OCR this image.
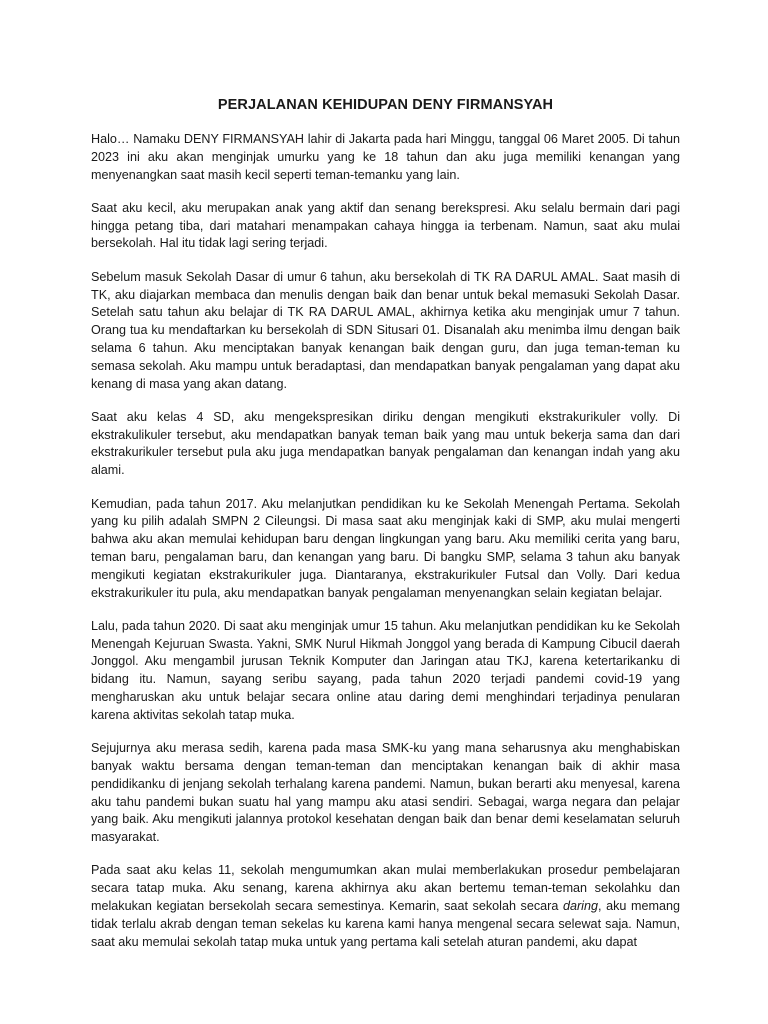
PERJALANAN KEHIDUPAN DENY FIRMANSYAH

Halo… Namaku DENY FIRMANSYAH lahir di Jakarta pada hari Minggu, tanggal 06 Maret 2005. Di tahun 2023 ini aku akan menginjak umurku yang ke 18 tahun dan aku juga memiliki kenangan yang menyenangkan saat masih kecil seperti teman-temanku yang lain.

Saat aku kecil, aku merupakan anak yang aktif dan senang berekspresi. Aku selalu bermain dari pagi hingga petang tiba, dari matahari menampakan cahaya hingga ia terbenam. Namun, saat aku mulai bersekolah. Hal itu tidak lagi sering terjadi.

Sebelum masuk Sekolah Dasar di umur 6 tahun, aku bersekolah di TK RA DARUL AMAL. Saat masih di TK, aku diajarkan membaca dan menulis dengan baik dan benar untuk bekal memasuki Sekolah Dasar. Setelah satu tahun aku belajar di TK RA DARUL AMAL, akhirnya ketika aku menginjak umur 7 tahun. Orang tua ku mendaftarkan ku bersekolah di SDN Situsari 01. Disanalah aku menimba ilmu dengan baik selama 6 tahun. Aku menciptakan banyak kenangan baik dengan guru, dan juga teman-teman ku semasa sekolah. Aku mampu untuk beradaptasi, dan mendapatkan banyak pengalaman yang dapat aku kenang di masa yang akan datang.

Saat aku kelas 4 SD, aku mengekspresikan diriku dengan mengikuti ekstrakurikuler volly. Di ekstrakulikuler tersebut, aku mendapatkan banyak teman baik yang mau untuk bekerja sama dan dari ekstrakurikuler tersebut pula aku juga mendapatkan banyak pengalaman dan kenangan indah yang aku alami.

Kemudian, pada tahun 2017. Aku melanjutkan pendidikan ku ke Sekolah Menengah Pertama. Sekolah yang ku pilih adalah SMPN 2 Cileungsi. Di masa saat aku menginjak kaki di SMP, aku mulai mengerti bahwa aku akan memulai kehidupan baru dengan lingkungan yang baru. Aku memiliki cerita yang baru, teman baru, pengalaman baru, dan kenangan yang baru. Di bangku SMP, selama 3 tahun aku banyak mengikuti kegiatan ekstrakurikuler juga. Diantaranya, ekstrakurikuler Futsal dan Volly. Dari kedua ekstrakurikuler itu pula, aku mendapatkan banyak pengalaman menyenangkan selain kegiatan belajar.

Lalu, pada tahun 2020. Di saat aku menginjak umur 15 tahun. Aku melanjutkan pendidikan ku ke Sekolah Menengah Kejuruan Swasta. Yakni, SMK Nurul Hikmah Jonggol yang berada di Kampung Cibucil daerah Jonggol. Aku mengambil jurusan Teknik Komputer dan Jaringan atau TKJ, karena ketertarikanku di bidang itu. Namun, sayang seribu sayang, pada tahun 2020 terjadi pandemi covid-19 yang mengharuskan aku untuk belajar secara online atau daring demi menghindari terjadinya penularan karena aktivitas sekolah tatap muka.

Sejujurnya aku merasa sedih, karena pada masa SMK-ku yang mana seharusnya aku menghabiskan banyak waktu bersama dengan teman-teman dan menciptakan kenangan baik di akhir masa pendidikanku di jenjang sekolah terhalang karena pandemi. Namun, bukan berarti aku menyesal, karena aku tahu pandemi bukan suatu hal yang mampu aku atasi sendiri. Sebagai, warga negara dan pelajar yang baik. Aku mengikuti jalannya protokol kesehatan dengan baik dan benar demi keselamatan seluruh masyarakat.

Pada saat aku kelas 11, sekolah mengumumkan akan mulai memberlakukan prosedur pembelajaran secara tatap muka. Aku senang, karena akhirnya aku akan bertemu teman-teman sekolahku dan melakukan kegiatan bersekolah secara semestinya. Kemarin, saat sekolah secara daring, aku memang tidak terlalu akrab dengan teman sekelas ku karena kami hanya mengenal secara selewat saja. Namun, saat aku memulai sekolah tatap muka untuk yang pertama kali setelah aturan pandemi, aku dapat
